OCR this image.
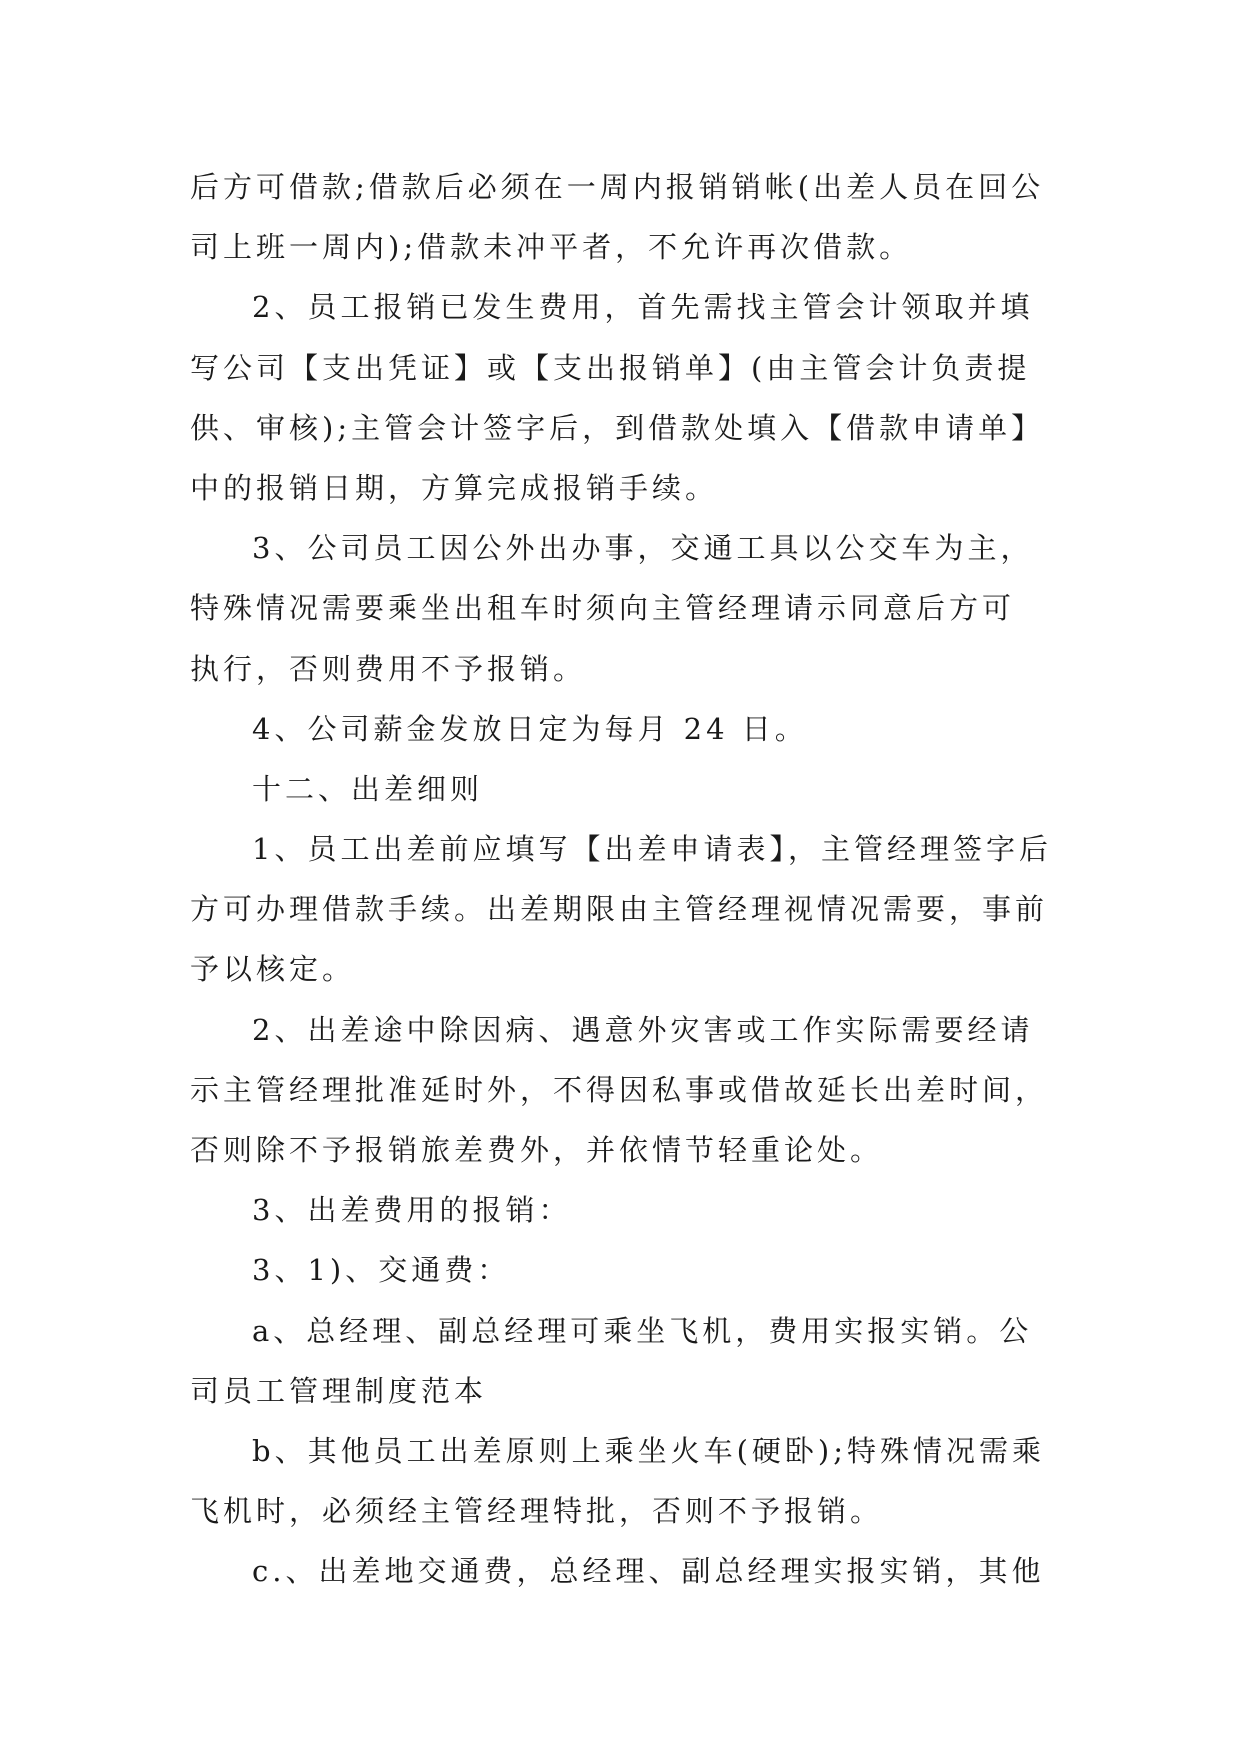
后方可借款;借款后必须在一周内报销销帐(出差人员在回公
司上班一周内);借款未冲平者，不允许再次借款。
2、员工报销已发生费用，首先需找主管会计领取并填
写公司【支出凭证】或【支出报销单】(由主管会计负责提
供、审核);主管会计签字后，到借款处填入【借款申请单】
中的报销日期，方算完成报销手续。
3、公司员工因公外出办事，交通工具以公交车为主，
特殊情况需要乘坐出租车时须向主管经理请示同意后方可
执行，否则费用不予报销。
4、公司薪金发放日定为每月 24 日。
十二、出差细则
1、员工出差前应填写【出差申请表】，主管经理签字后
方可办理借款手续。出差期限由主管经理视情况需要，事前
予以核定。
2、出差途中除因病、遇意外灾害或工作实际需要经请
示主管经理批准延时外，不得因私事或借故延长出差时间，
否则除不予报销旅差费外，并依情节轻重论处。
3、出差费用的报销：
3、1)、交通费：
a、总经理、副总经理可乘坐飞机，费用实报实销。公
司员工管理制度范本
b、其他员工出差原则上乘坐火车(硬卧);特殊情况需乘
飞机时，必须经主管经理特批，否则不予报销。
c.、出差地交通费，总经理、副总经理实报实销，其他
